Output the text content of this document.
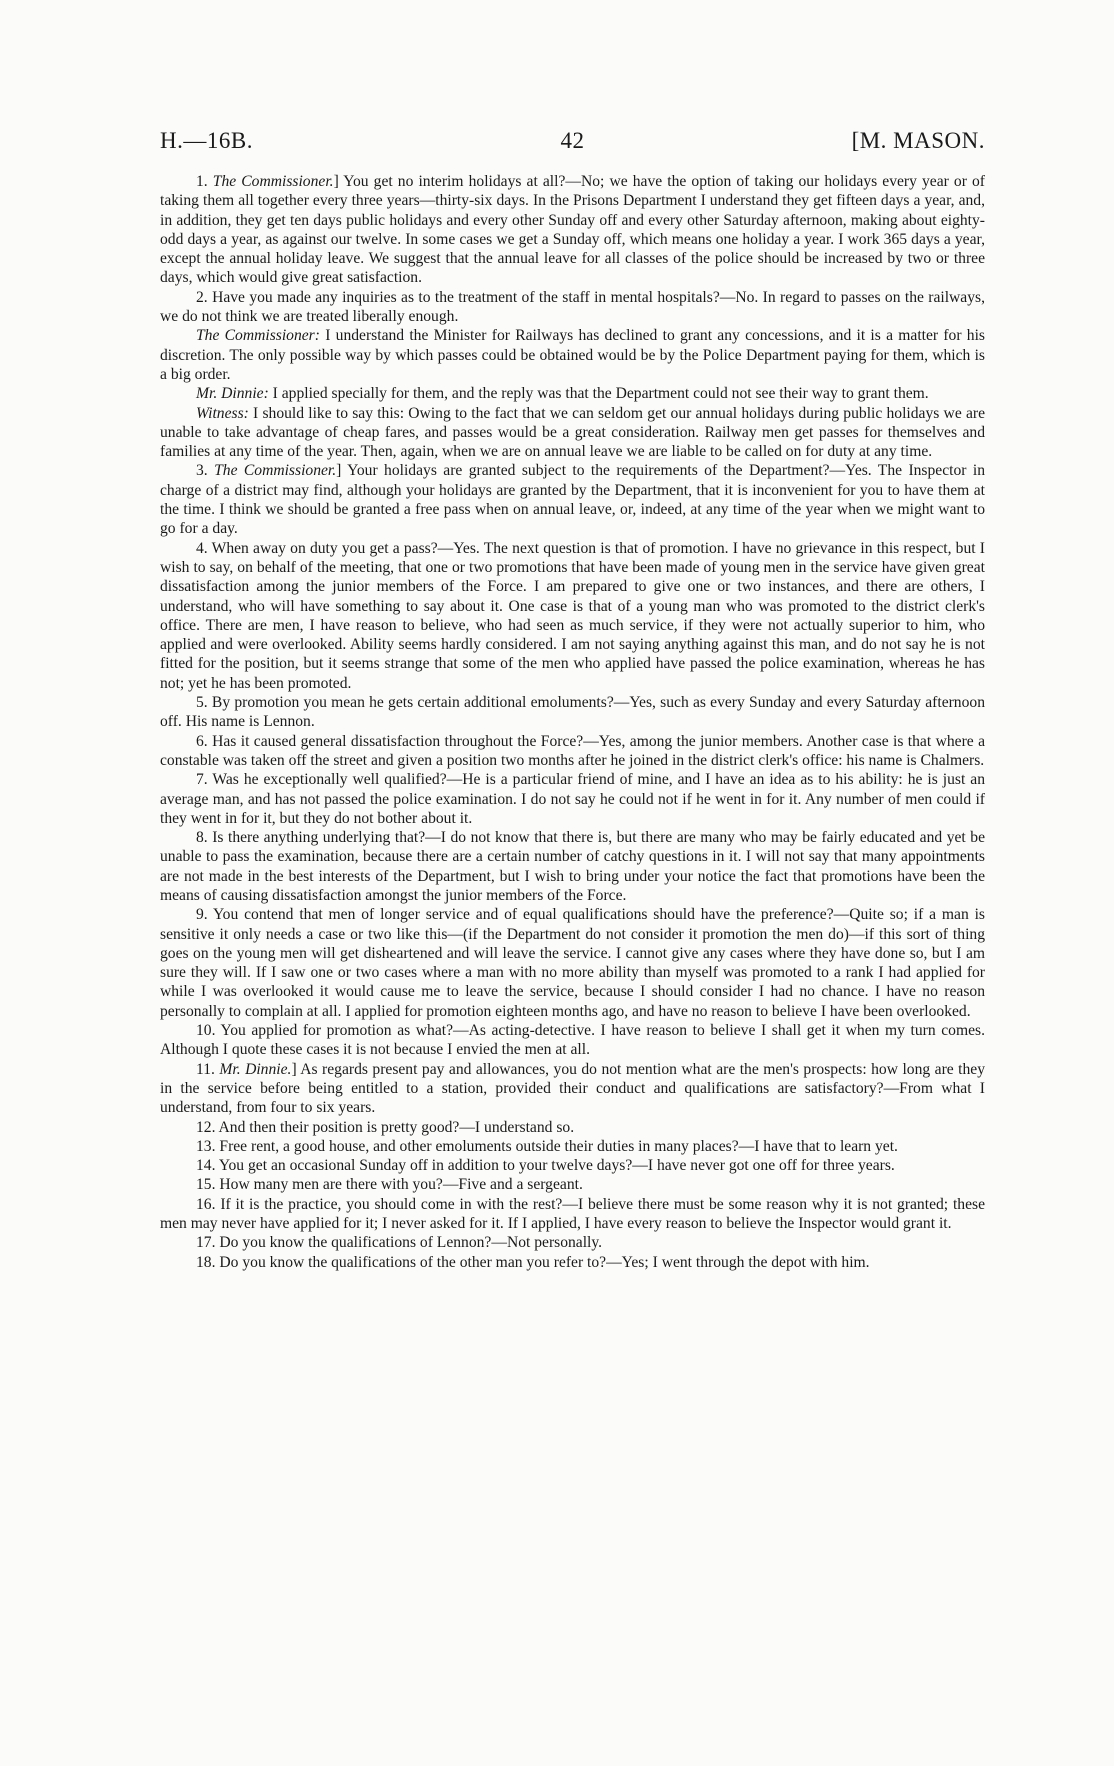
H.—16B.	42	[M. MASON.

1. The Commissioner.] You get no interim holidays at all?—No; we have the option of taking our holidays every year or of taking them all together every three years—thirty-six days. In the Prisons Department I understand they get fifteen days a year, and, in addition, they get ten days public holidays and every other Sunday off and every other Saturday afternoon, making about eighty-odd days a year, as against our twelve. In some cases we get a Sunday off, which means one holiday a year. I work 365 days a year, except the annual holiday leave. We suggest that the annual leave for all classes of the police should be increased by two or three days, which would give great satisfaction.

2. Have you made any inquiries as to the treatment of the staff in mental hospitals?—No. In regard to passes on the railways, we do not think we are treated liberally enough.

The Commissioner: I understand the Minister for Railways has declined to grant any concessions, and it is a matter for his discretion. The only possible way by which passes could be obtained would be by the Police Department paying for them, which is a big order.

Mr. Dinnie: I applied specially for them, and the reply was that the Department could not see their way to grant them.

Witness: I should like to say this: Owing to the fact that we can seldom get our annual holidays during public holidays we are unable to take advantage of cheap fares, and passes would be a great consideration. Railway men get passes for themselves and families at any time of the year. Then, again, when we are on annual leave we are liable to be called on for duty at any time.

3. The Commissioner.] Your holidays are granted subject to the requirements of the Department?—Yes. The Inspector in charge of a district may find, although your holidays are granted by the Department, that it is inconvenient for you to have them at the time. I think we should be granted a free pass when on annual leave, or, indeed, at any time of the year when we might want to go for a day.

4. When away on duty you get a pass?—Yes. The next question is that of promotion. I have no grievance in this respect, but I wish to say, on behalf of the meeting, that one or two promotions that have been made of young men in the service have given great dissatisfaction among the junior members of the Force. I am prepared to give one or two instances, and there are others, I understand, who will have something to say about it. One case is that of a young man who was promoted to the district clerk's office. There are men, I have reason to believe, who had seen as much service, if they were not actually superior to him, who applied and were overlooked. Ability seems hardly considered. I am not saying anything against this man, and do not say he is not fitted for the position, but it seems strange that some of the men who applied have passed the police examination, whereas he has not; yet he has been promoted.

5. By promotion you mean he gets certain additional emoluments?—Yes, such as every Sunday and every Saturday afternoon off. His name is Lennon.

6. Has it caused general dissatisfaction throughout the Force?—Yes, among the junior members. Another case is that where a constable was taken off the street and given a position two months after he joined in the district clerk's office: his name is Chalmers.

7. Was he exceptionally well qualified?—He is a particular friend of mine, and I have an idea as to his ability: he is just an average man, and has not passed the police examination. I do not say he could not if he went in for it. Any number of men could if they went in for it, but they do not bother about it.

8. Is there anything underlying that?—I do not know that there is, but there are many who may be fairly educated and yet be unable to pass the examination, because there are a certain number of catchy questions in it. I will not say that many appointments are not made in the best interests of the Department, but I wish to bring under your notice the fact that promotions have been the means of causing dissatisfaction amongst the junior members of the Force.

9. You contend that men of longer service and of equal qualifications should have the preference?—Quite so; if a man is sensitive it only needs a case or two like this—(if the Department do not consider it promotion the men do)—if this sort of thing goes on the young men will get disheartened and will leave the service. I cannot give any cases where they have done so, but I am sure they will. If I saw one or two cases where a man with no more ability than myself was promoted to a rank I had applied for while I was overlooked it would cause me to leave the service, because I should consider I had no chance. I have no reason personally to complain at all. I applied for promotion eighteen months ago, and have no reason to believe I have been overlooked.

10. You applied for promotion as what?—As acting-detective. I have reason to believe I shall get it when my turn comes. Although I quote these cases it is not because I envied the men at all.

11. Mr. Dinnie.] As regards present pay and allowances, you do not mention what are the men's prospects: how long are they in the service before being entitled to a station, provided their conduct and qualifications are satisfactory?—From what I understand, from four to six years.

12. And then their position is pretty good?—I understand so.

13. Free rent, a good house, and other emoluments outside their duties in many places?—I have that to learn yet.

14. You get an occasional Sunday off in addition to your twelve days?—I have never got one off for three years.

15. How many men are there with you?—Five and a sergeant.

16. If it is the practice, you should come in with the rest?—I believe there must be some reason why it is not granted; these men may never have applied for it; I never asked for it. If I applied, I have every reason to believe the Inspector would grant it.

17. Do you know the qualifications of Lennon?—Not personally.

18. Do you know the qualifications of the other man you refer to?—Yes; I went through the depot with him.
